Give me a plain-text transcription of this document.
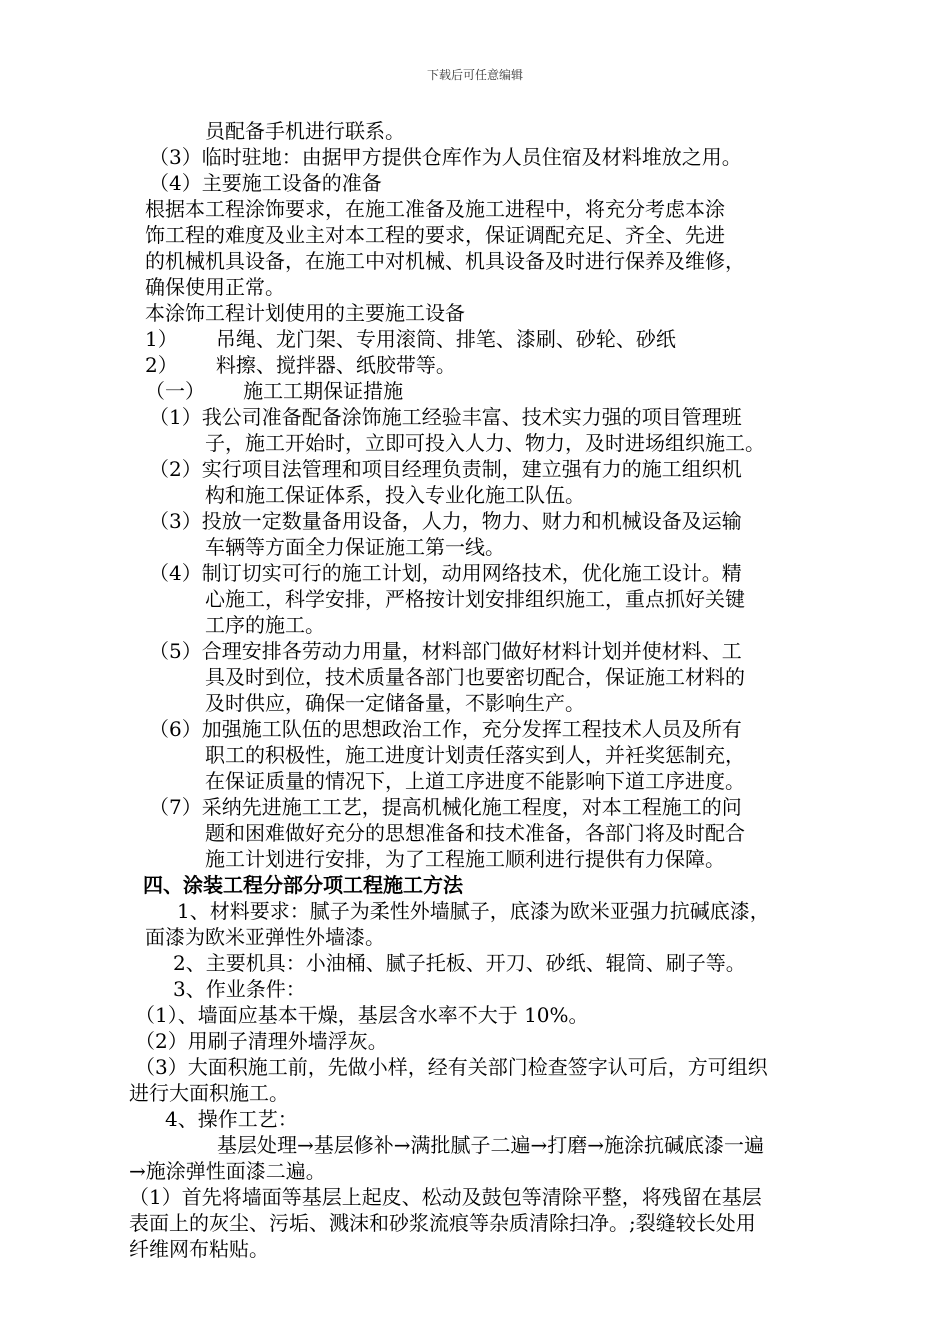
下载后可任意编辑
员配备手机进行联系。
（3）临时驻地：由据甲方提供仓库作为人员住宿及材料堆放之用。
（4）主要施工设备的准备
根据本工程涂饰要求，在施工准备及施工进程中，将充分考虑本涂
饰工程的难度及业主对本工程的要求，保证调配充足、齐全、先进
的机械机具设备，在施工中对机械、机具设备及时进行保养及维修，
确保使用正常。
本涂饰工程计划使用的主要施工设备
1）      吊绳、龙门架、专用滚筒、排笔、漆刷、砂轮、砂纸
2）      料擦、搅拌器、纸胶带等。
（一）      施工工期保证措施
（1）我公司准备配备涂饰施工经验丰富、技术实力强的项目管理班
子，施工开始时，立即可投入人力、物力，及时进场组织施工。
（2）实行项目法管理和项目经理负责制，建立强有力的施工组织机
构和施工保证体系，投入专业化施工队伍。
（3）投放一定数量备用设备，人力，物力、财力和机械设备及运输
车辆等方面全力保证施工第一线。
（4）制订切实可行的施工计划，动用网络技术，优化施工设计。精
心施工，科学安排，严格按计划安排组织施工，重点抓好关键
工序的施工。
（5）合理安排各劳动力用量，材料部门做好材料计划并使材料、工
具及时到位，技术质量各部门也要密切配合，保证施工材料的
及时供应，确保一定储备量，不影响生产。
（6）加强施工队伍的思想政治工作，充分发挥工程技术人员及所有
职工的积极性，施工进度计划责任落实到人，并衽奖惩制充，
在保证质量的情况下，上道工序进度不能影响下道工序进度。
（7）采纳先进施工工艺，提高机械化施工程度，对本工程施工的问
题和困难做好充分的思想准备和技术准备，各部门将及时配合
施工计划进行安排，为了工程施工顺利进行提供有力保障。
四、涂装工程分部分项工程施工方法
1、材料要求：腻子为柔性外墙腻子，底漆为欧米亚强力抗碱底漆，
面漆为欧米亚弹性外墙漆。
2、主要机具：小油桶、腻子托板、开刀、砂纸、辊筒、刷子等。
3、作业条件：
（1）、墙面应基本干燥，基层含水率不大于 10%。
（2）用刷子清理外墙浮灰。
（3）大面积施工前，先做小样，经有关部门检查签字认可后，方可组织
进行大面积施工。
4、操作工艺：
基层处理→基层修补→满批腻子二遍→打磨→施涂抗碱底漆一遍
→施涂弹性面漆二遍。
（1）首先将墙面等基层上起皮、松动及鼓包等清除平整，将残留在基层
表面上的灰尘、污垢、溅沫和砂浆流痕等杂质清除扫净。;裂缝较长处用
纤维网布粘贴。
